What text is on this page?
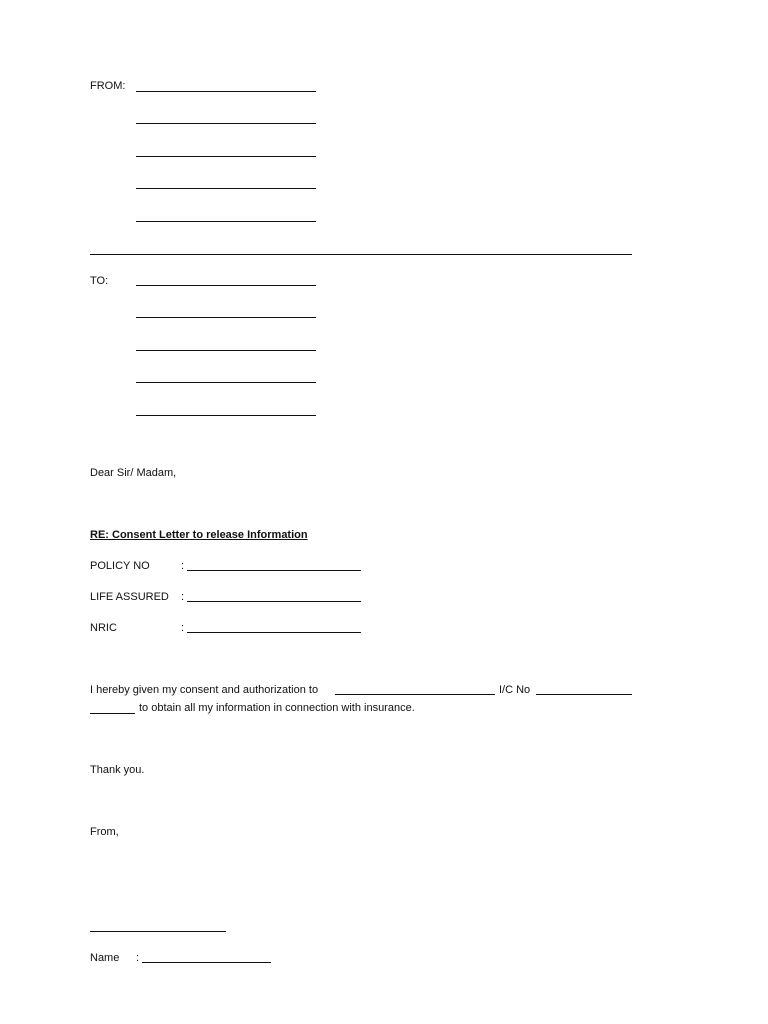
FROM:
TO:
Dear Sir/ Madam,
RE: Consent Letter to release Information
POLICY NO	:
LIFE ASSURED :
NRIC	:
I hereby given my consent and authorization to	I/C No
to obtain all my information in connection with insurance.
Thank you.
From,
Name :
